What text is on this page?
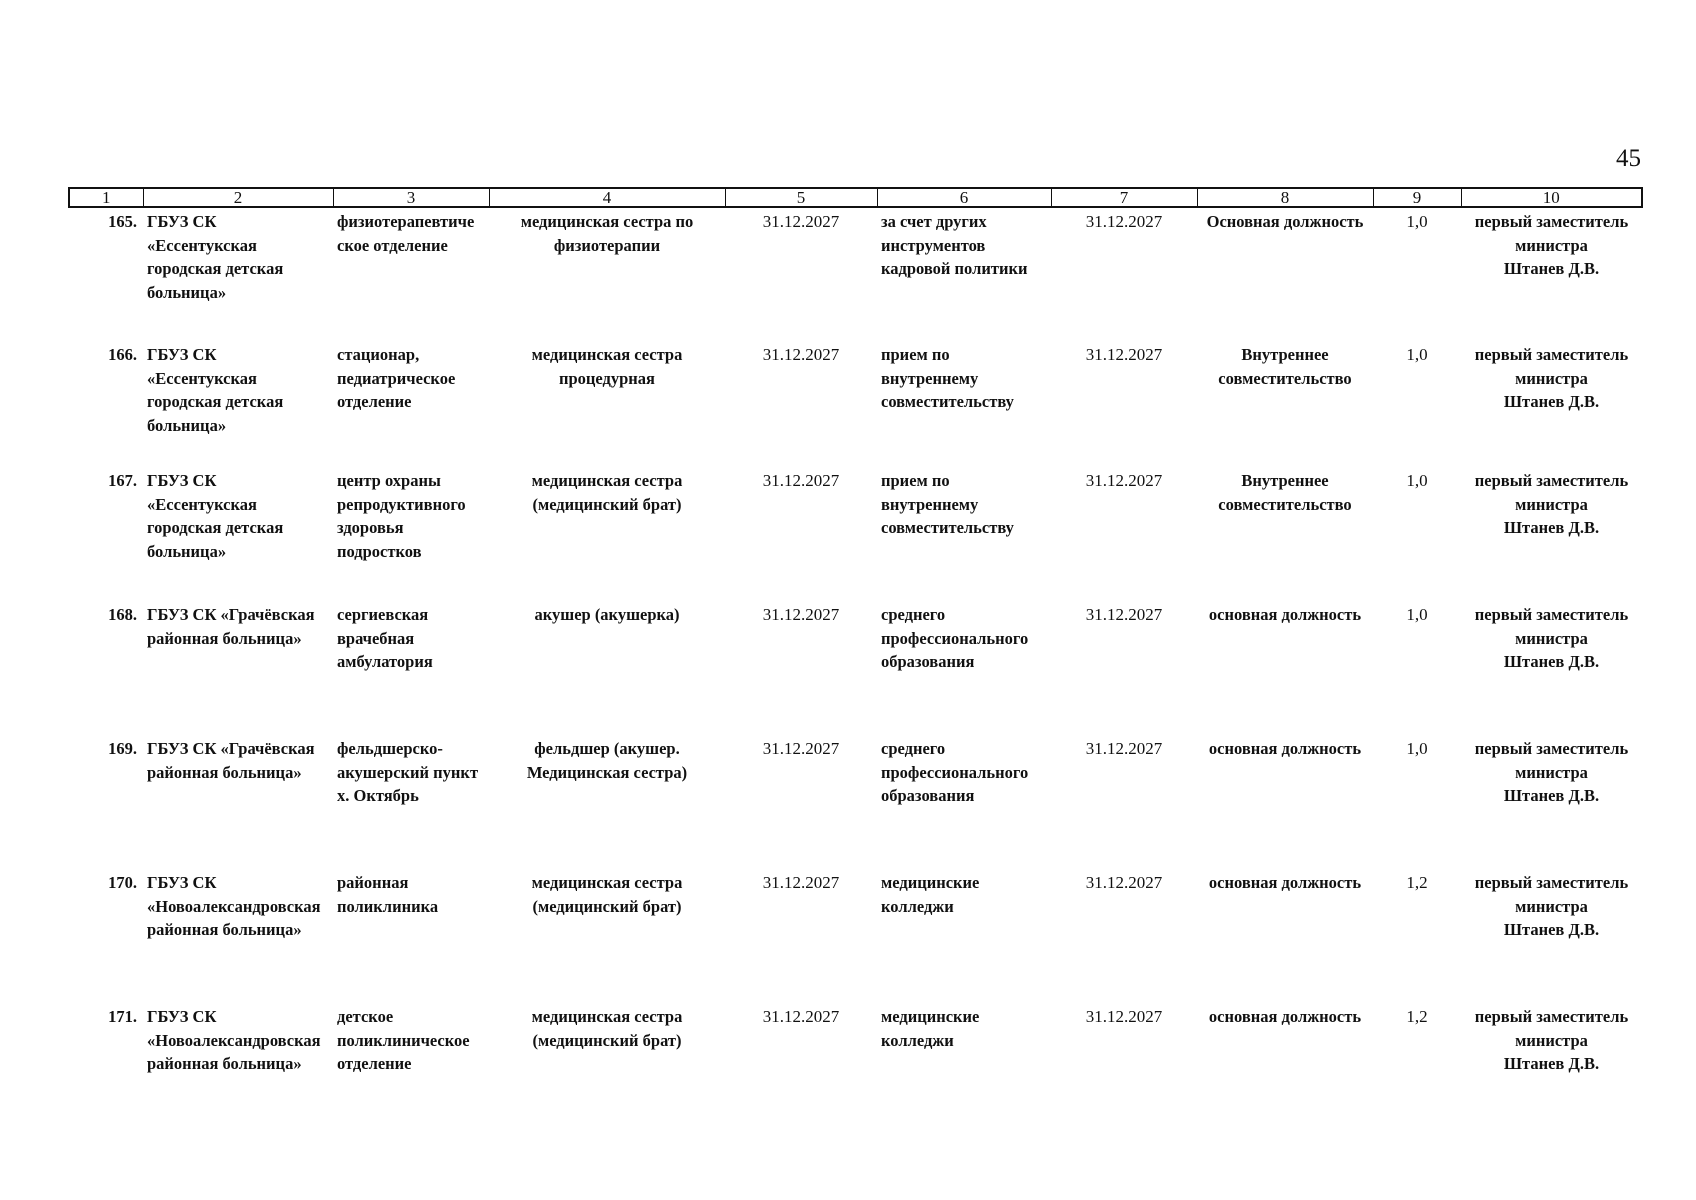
45
1	2	3	4	5	6	7	8	9	10
165.	ГБУЗ СК
«Ессентукская
городская детская
больница»	физиотерапевтиче
ское отделение	медицинская сестра по
физиотерапии	31.12.2027	за счет других
инструментов
кадровой политики	31.12.2027	Основная должность	1,0	первый заместитель
министра
Штанев Д.В.
166.	ГБУЗ СК
«Ессентукская
городская детская
больница»	стационар,
педиатрическое
отделение	медицинская сестра
процедурная	31.12.2027	прием по
внутреннему
совместительству	31.12.2027	Внутреннее
совместительство	1,0	первый заместитель
министра
Штанев Д.В.
167.	ГБУЗ СК
«Ессентукская
городская детская
больница»	центр охраны
репродуктивного
здоровья
подростков	медицинская сестра
(медицинский брат)	31.12.2027	прием по
внутреннему
совместительству	31.12.2027	Внутреннее
совместительство	1,0	первый заместитель
министра
Штанев Д.В.
168.	ГБУЗ СК «Грачёвская
районная больница»	сергиевская
врачебная
амбулатория	акушер (акушерка)	31.12.2027	среднего
профессионального
образования	31.12.2027	основная должность	1,0	первый заместитель
министра
Штанев Д.В.
169.	ГБУЗ СК «Грачёвская
районная больница»	фельдшерско-
акушерский пункт
х. Октябрь	фельдшер (акушер.
Медицинская сестра)	31.12.2027	среднего
профессионального
образования	31.12.2027	основная должность	1,0	первый заместитель
министра
Штанев Д.В.
170.	ГБУЗ СК
«Новоалександровская
районная больница»	районная
поликлиника	медицинская сестра
(медицинский брат)	31.12.2027	медицинские
колледжи	31.12.2027	основная должность	1,2	первый заместитель
министра
Штанев Д.В.
171.	ГБУЗ СК
«Новоалександровская
районная больница»	детское
поликлиническое
отделение	медицинская сестра
(медицинский брат)	31.12.2027	медицинские
колледжи	31.12.2027	основная должность	1,2	первый заместитель
министра
Штанев Д.В.
